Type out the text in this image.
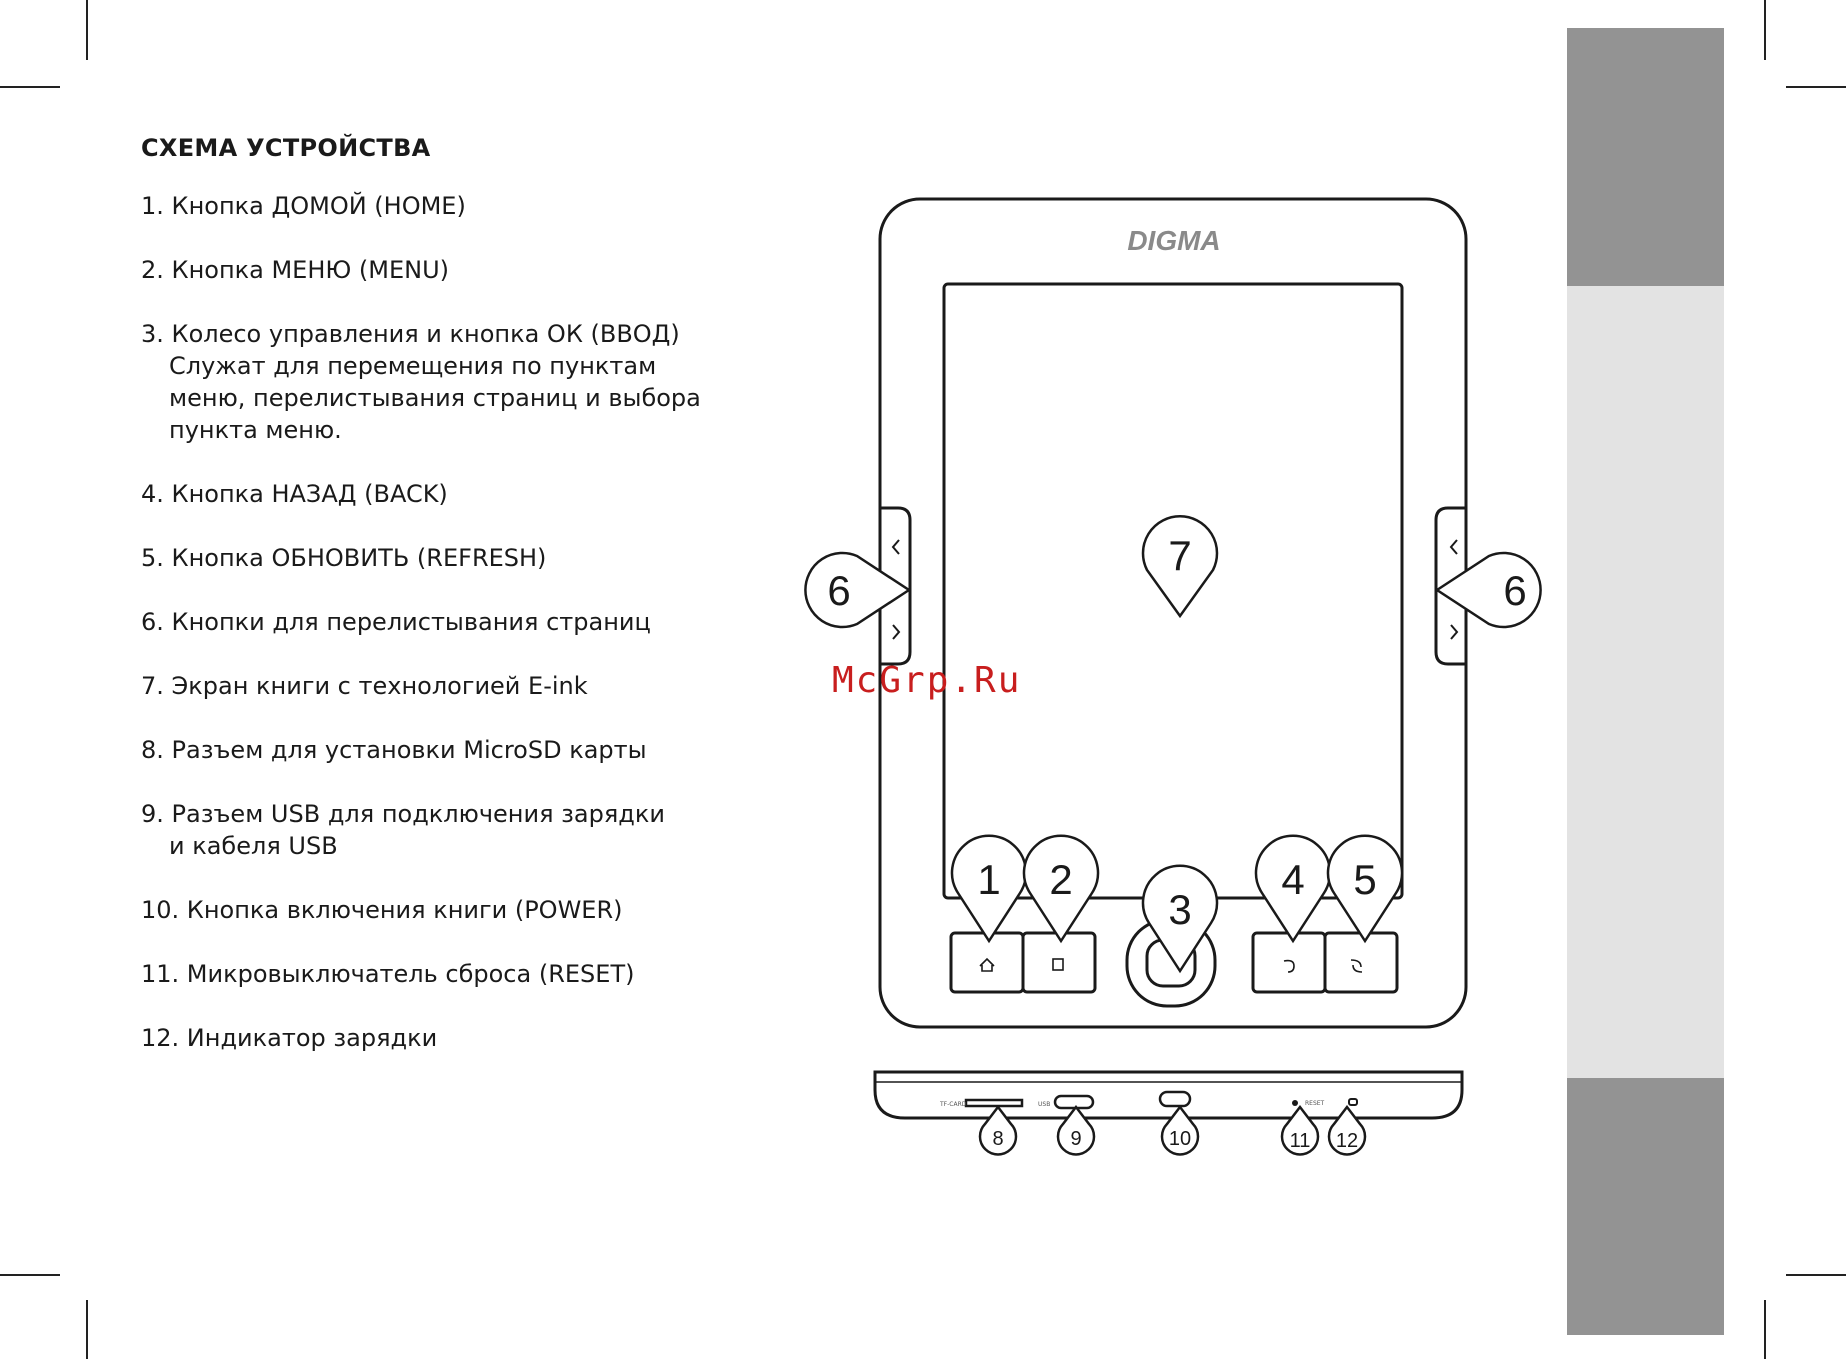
СХЕМА УСТРОЙСТВА
1. Кнопка ДОМОЙ (HOME)
2. Кнопка МЕНЮ (MENU)
3. Колесо управления и кнопка ОК (ВВОД)
Служат для перемещения по пунктам
меню, перелистывания страниц и выбора
пункта меню.
4. Кнопка НАЗАД (BACK)
5. Кнопка ОБНОВИТЬ (REFRESH)
6. Кнопки для перелистывания страниц
7. Экран книги с технологией E-ink
8. Разъем для установки MicroSD карты
9. Разъем USB для подключения зарядки
и кабеля USB
10. Кнопка включения книги (POWER)
11. Микровыключатель сброса (RESET)
12. Индикатор зарядки
DIGMA
TF-CARD	USB	RESET
7
6	6
1 2
3
4 5
8	9	10	11 12
McGrp.Ru
